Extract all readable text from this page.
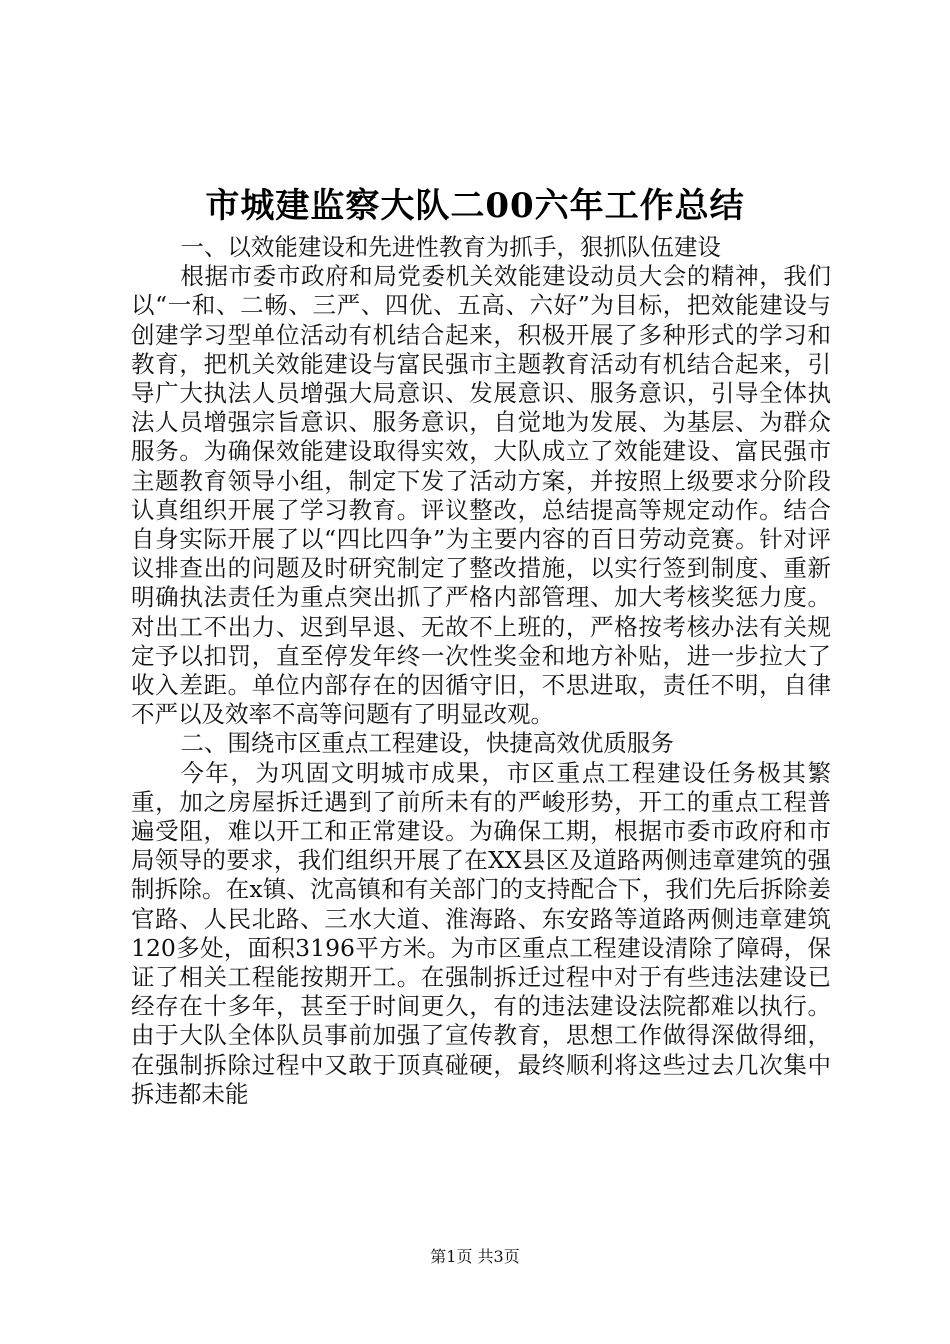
市城建监察大队二00六年工作总结

一、以效能建设和先进性教育为抓手，狠抓队伍建设

根据市委市政府和局党委机关效能建设动员大会的精神，我们以“一和、二畅、三严、四优、五高、六好”为目标，把效能建设与创建学习型单位活动有机结合起来，积极开展了多种形式的学习和教育，把机关效能建设与富民强市主题教育活动有机结合起来，引导广大执法人员增强大局意识、发展意识、服务意识，引导全体执法人员增强宗旨意识、服务意识，自觉地为发展、为基层、为群众服务。为确保效能建设取得实效，大队成立了效能建设、富民强市主题教育领导小组，制定下发了活动方案，并按照上级要求分阶段认真组织开展了学习教育。评议整改，总结提高等规定动作。结合自身实际开展了以“四比四争”为主要内容的百日劳动竞赛。针对评议排查出的问题及时研究制定了整改措施，以实行签到制度、重新明确执法责任为重点突出抓了严格内部管理、加大考核奖惩力度。对出工不出力、迟到早退、无故不上班的，严格按考核办法有关规定予以扣罚，直至停发年终一次性奖金和地方补贴，进一步拉大了收入差距。单位内部存在的因循守旧，不思进取，责任不明，自律不严以及效率不高等问题有了明显改观。

二、围绕市区重点工程建设，快捷高效优质服务

今年，为巩固文明城市成果，市区重点工程建设任务极其繁重，加之房屋拆迁遇到了前所未有的严峻形势，开工的重点工程普遍受阻，难以开工和正常建设。为确保工期，根据市委市政府和市局领导的要求，我们组织开展了在XX县区及道路两侧违章建筑的强制拆除。在x镇、沈高镇和有关部门的支持配合下，我们先后拆除姜官路、人民北路、三水大道、淮海路、东安路等道路两侧违章建筑120多处，面积3196平方米。为市区重点工程建设清除了障碍，保证了相关工程能按期开工。在强制拆迁过程中对于有些违法建设已经存在十多年，甚至于时间更久，有的违法建设法院都难以执行。由于大队全体队员事前加强了宣传教育，思想工作做得深做得细，在强制拆除过程中又敢于顶真碰硬，最终顺利将这些过去几次集中拆违都未能

第1页 共3页
